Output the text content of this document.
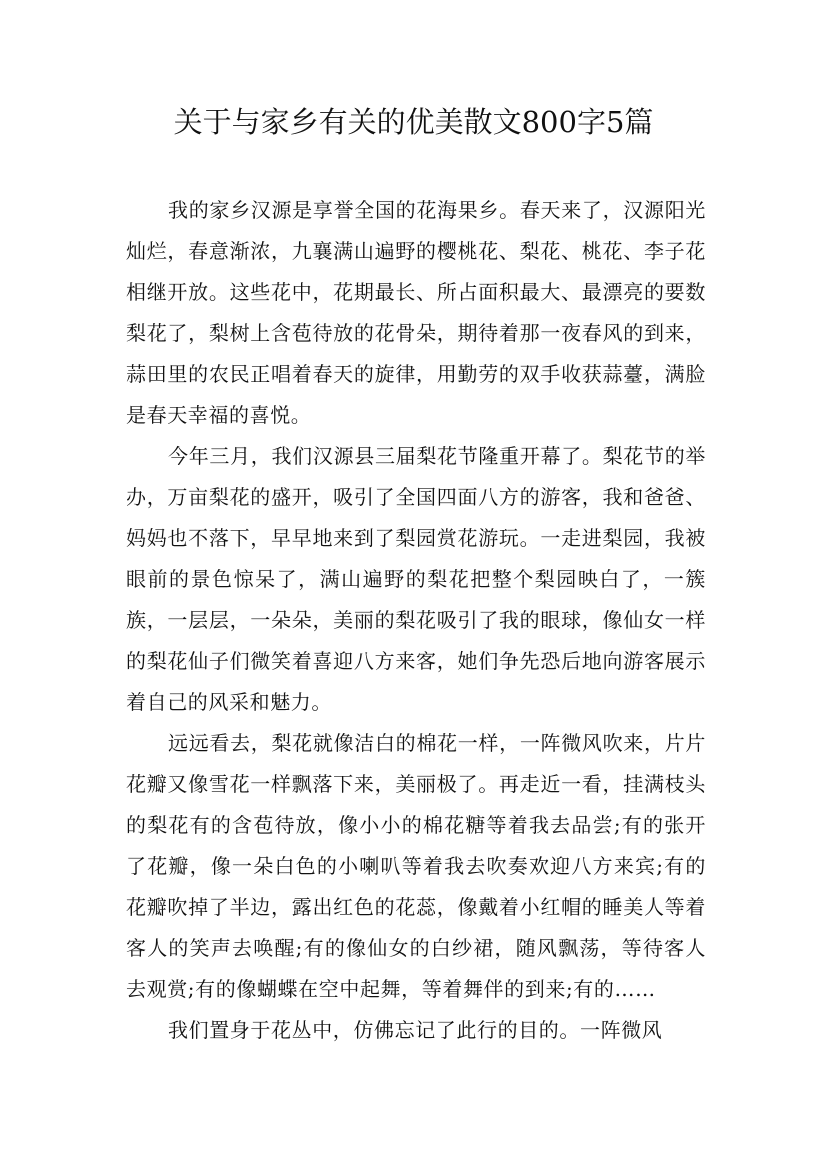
关于与家乡有关的优美散文800字5篇

我的家乡汉源是享誉全国的花海果乡。春天来了，汉源阳光灿烂，春意渐浓，九襄满山遍野的樱桃花、梨花、桃花、李子花相继开放。这些花中，花期最长、所占面积最大、最漂亮的要数梨花了，梨树上含苞待放的花骨朵，期待着那一夜春风的到来，蒜田里的农民正唱着春天的旋律，用勤劳的双手收获蒜薹，满脸是春天幸福的喜悦。

今年三月，我们汉源县三届梨花节隆重开幕了。梨花节的举办，万亩梨花的盛开，吸引了全国四面八方的游客，我和爸爸、妈妈也不落下，早早地来到了梨园赏花游玩。一走进梨园，我被眼前的景色惊呆了，满山遍野的梨花把整个梨园映白了，一簇族，一层层，一朵朵，美丽的梨花吸引了我的眼球，像仙女一样的梨花仙子们微笑着喜迎八方来客，她们争先恐后地向游客展示着自己的风采和魅力。

远远看去，梨花就像洁白的棉花一样，一阵微风吹来，片片花瓣又像雪花一样飘落下来，美丽极了。再走近一看，挂满枝头的梨花有的含苞待放，像小小的棉花糖等着我去品尝;有的张开了花瓣，像一朵白色的小喇叭等着我去吹奏欢迎八方来宾;有的花瓣吹掉了半边，露出红色的花蕊，像戴着小红帽的睡美人等着客人的笑声去唤醒;有的像仙女的白纱裙，随风飘荡，等待客人去观赏;有的像蝴蝶在空中起舞，等着舞伴的到来;有的……

我们置身于花丛中，仿佛忘记了此行的目的。一阵微风
